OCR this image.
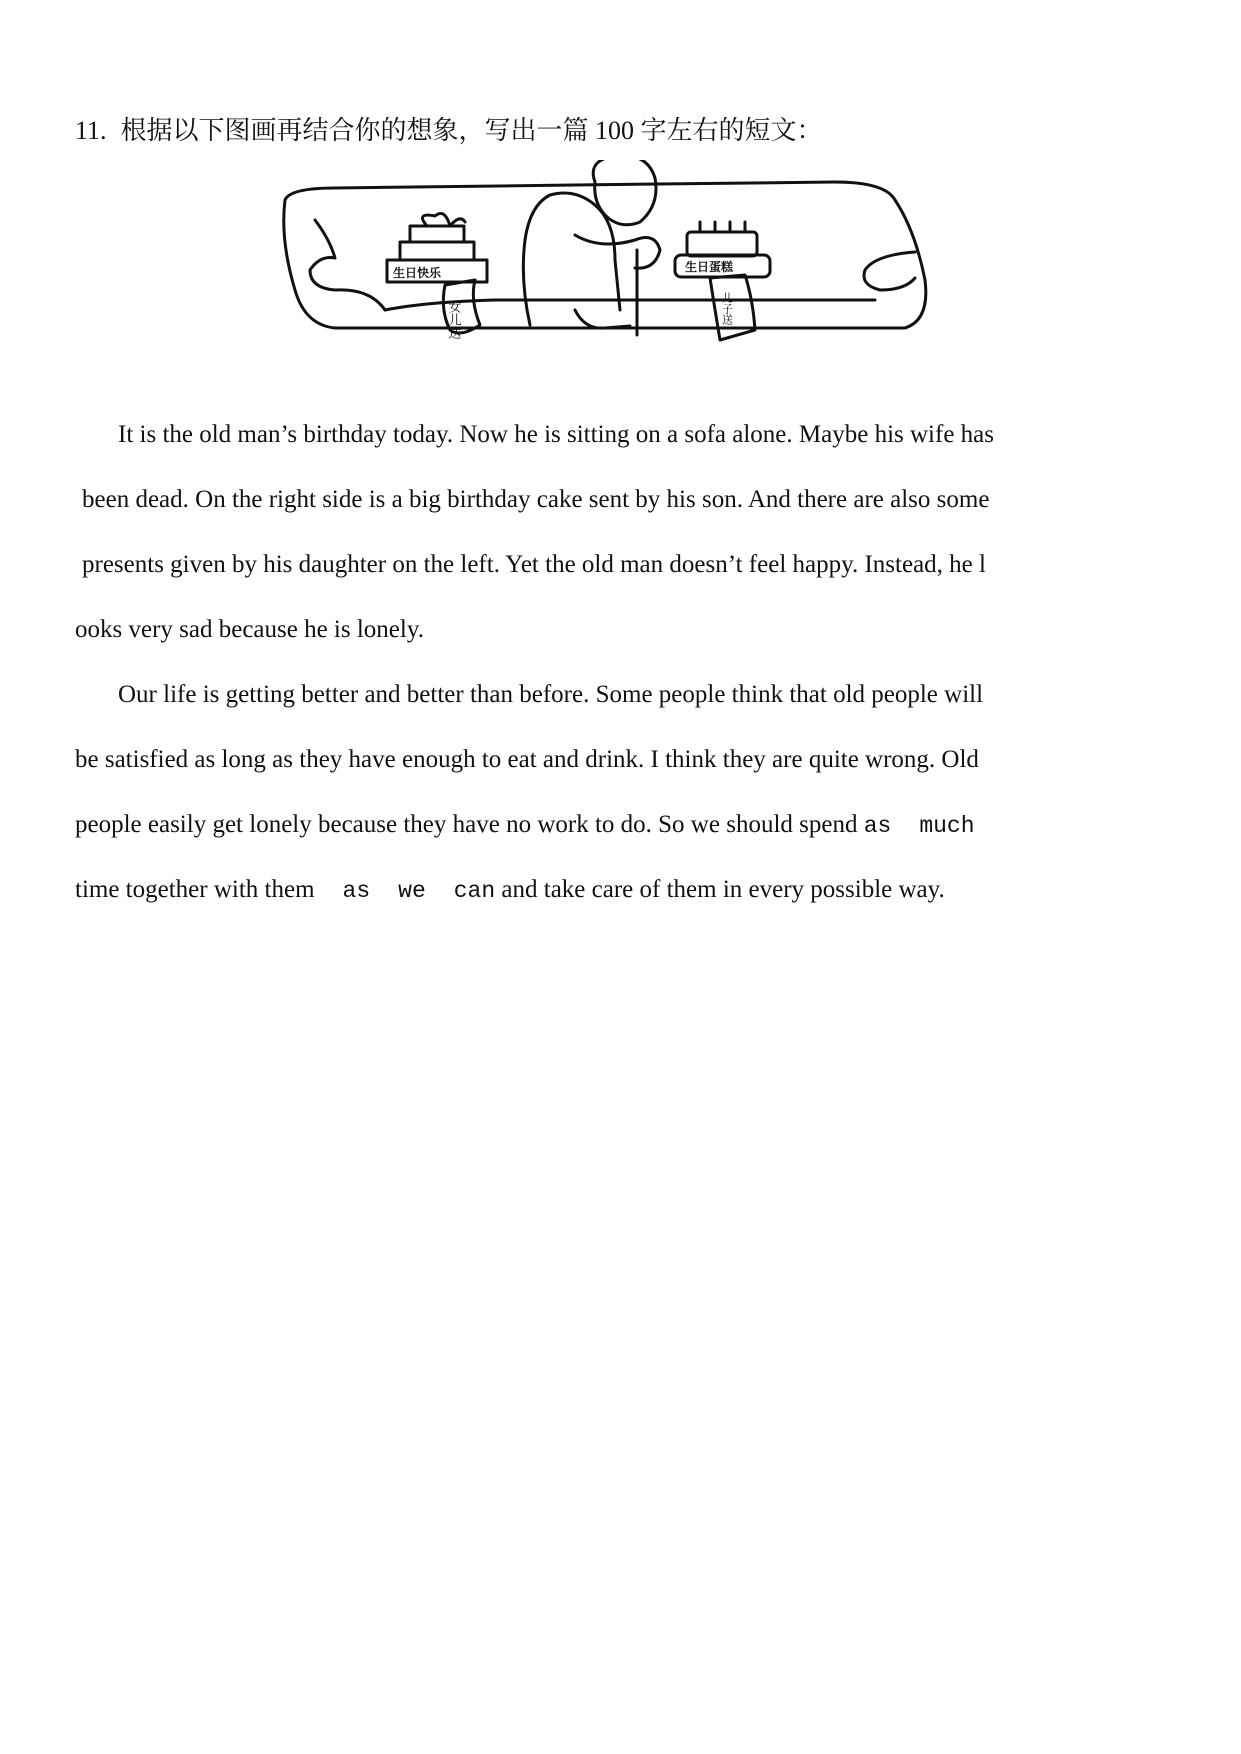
11. 根据以下图画再结合你的想象，写出一篇 100 字左右的短文：
生日快乐
女儿送
生日蛋糕
儿子送
It is the old man’s birthday today. Now he is sitting on a sofa alone. Maybe his wife has
been dead. On the right side is a big birthday cake sent by his son. And there are also some
presents given by his daughter on the left. Yet the old man doesn’t feel happy. Instead, he l
ooks very sad because he is lonely.
Our life is getting better and better than before. Some people think that old people will
be satisfied as long as they have enough to eat and drink. I think they are quite wrong. Old
people easily get lonely because they have no work to do. So we should spend as much
time together with them as we can and take care of them in every possible way.
